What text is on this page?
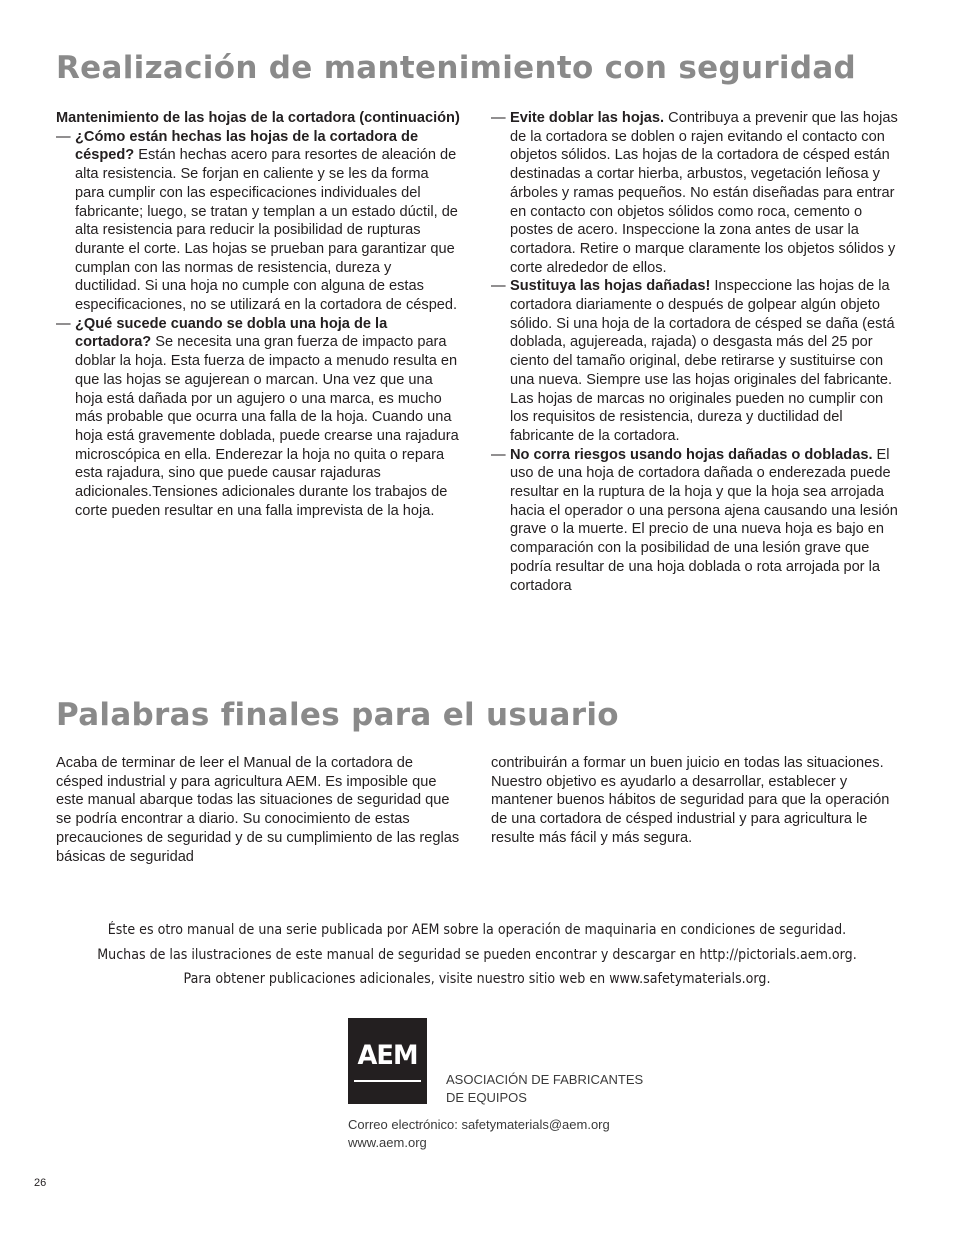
Realización de mantenimiento con seguridad

Mantenimiento de las hojas de la cortadora (continuación)

— ¿Cómo están hechas las hojas de la cortadora de césped? Están hechas acero para resortes de aleación de alta resistencia. Se forjan en caliente y se les da forma para cumplir con las especificaciones individuales del fabricante; luego, se tratan y templan a un estado dúctil, de alta resistencia para reducir la posibilidad de rupturas durante el corte. Las hojas se prueban para garantizar que cumplan con las normas de resistencia, dureza y ductilidad. Si una hoja no cumple con alguna de estas especificaciones, no se utilizará en la cortadora de césped.
— ¿Qué sucede cuando se dobla una hoja de la cortadora? Se necesita una gran fuerza de impacto para doblar la hoja. Esta fuerza de impacto a menudo resulta en que las hojas se agujerean o marcan. Una vez que una hoja está dañada por un agujero o una marca, es mucho más probable que ocurra una falla de la hoja. Cuando una hoja está gravemente doblada, puede crearse una rajadura microscópica en ella. Enderezar la hoja no quita o repara esta rajadura, sino que puede causar rajaduras adicionales.Tensiones adicionales durante los trabajos de corte pueden resultar en una falla imprevista de la hoja.
— Evite doblar las hojas. Contribuya a prevenir que las hojas de la cortadora se doblen o rajen evitando el contacto con objetos sólidos. Las hojas de la cortadora de césped están destinadas a cortar hierba, arbustos, vegetación leñosa y árboles y ramas pequeños. No están diseñadas para entrar en contacto con objetos sólidos como roca, cemento o postes de acero. Inspeccione la zona antes de usar la cortadora. Retire o marque claramente los objetos sólidos y corte alrededor de ellos.
— Sustituya las hojas dañadas! Inspeccione las hojas de la cortadora diariamente o después de golpear algún objeto sólido. Si una hoja de la cortadora de césped se daña (está doblada, agujereada, rajada) o desgasta más del 25 por ciento del tamaño original, debe retirarse y sustituirse con una nueva. Siempre use las hojas originales del fabricante. Las hojas de marcas no originales pueden no cumplir con los requisitos de resistencia, dureza y ductilidad del fabricante de la cortadora.
— No corra riesgos usando hojas dañadas o dobladas. El uso de una hoja de cortadora dañada o enderezada puede resultar en la ruptura de la hoja y que la hoja sea arrojada hacia el operador o una persona ajena causando una lesión grave o la muerte. El precio de una nueva hoja es bajo en comparación con la posibilidad de una lesión grave que podría resultar de una hoja doblada o rota arrojada por la cortadora
Palabras finales para el usuario

Acaba de terminar de leer el Manual de la cortadora de césped industrial y para agricultura AEM. Es imposible que este manual abarque todas las situaciones de seguridad que se podría encontrar a diario. Su conocimiento de estas precauciones de seguridad y de su cumplimiento de las reglas básicas de seguridad

contribuirán a formar un buen juicio en todas las situaciones. Nuestro objetivo es ayudarlo a desarrollar, establecer y mantener buenos hábitos de seguridad para que la operación de una cortadora de césped industrial y para agricultura le resulte más fácil y más segura.

Éste es otro manual de una serie publicada por AEM sobre la operación de maquinaria en condiciones de seguridad.
Muchas de las ilustraciones de este manual de seguridad se pueden encontrar y descargar en http://pictorials.aem.org.
Para obtener publicaciones adicionales, visite nuestro sitio web en www.safetymaterials.org.
AEM
ASOCIACIÓN DE FABRICANTES
DE EQUIPOS
Correo electrónico: safetymaterials@aem.org
www.aem.org
26
